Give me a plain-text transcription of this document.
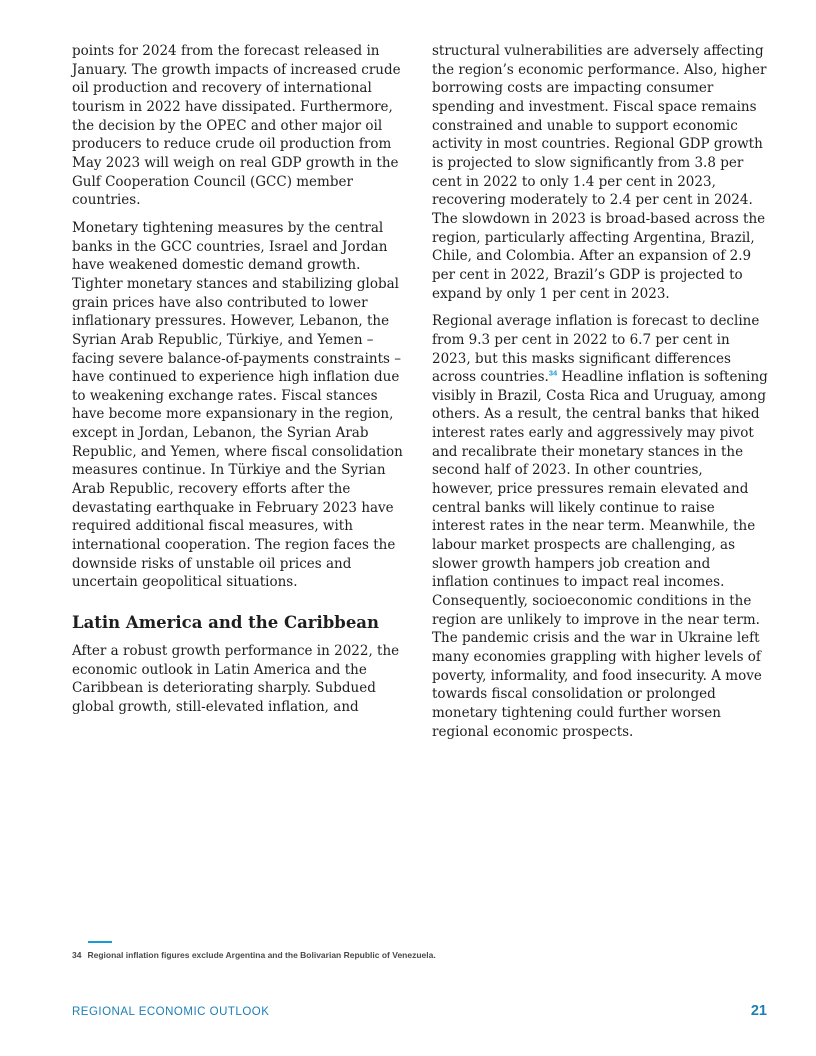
points for 2024 from the forecast released in January. The growth impacts of increased crude oil production and recovery of international tourism in 2022 have dissipated. Furthermore, the decision by the OPEC and other major oil producers to reduce crude oil production from May 2023 will weigh on real GDP growth in the Gulf Cooperation Council (GCC) member countries.

Monetary tightening measures by the central banks in the GCC countries, Israel and Jordan have weakened domestic demand growth. Tighter monetary stances and stabilizing global grain prices have also contributed to lower inflationary pressures. However, Lebanon, the Syrian Arab Republic, Türkiye, and Yemen – facing severe balance-of-payments constraints – have continued to experience high inflation due to weakening exchange rates. Fiscal stances have become more expansionary in the region, except in Jordan, Lebanon, the Syrian Arab Republic, and Yemen, where fiscal consolidation measures continue. In Türkiye and the Syrian Arab Republic, recovery efforts after the devastating earthquake in February 2023 have required additional fiscal measures, with international cooperation. The region faces the downside risks of unstable oil prices and uncertain geopolitical situations.

Latin America and the Caribbean

After a robust growth performance in 2022, the economic outlook in Latin America and the Caribbean is deteriorating sharply. Subdued global growth, still-elevated inflation, and

structural vulnerabilities are adversely affecting the region’s economic performance. Also, higher borrowing costs are impacting consumer spending and investment. Fiscal space remains constrained and unable to support economic activity in most countries. Regional GDP growth is projected to slow significantly from 3.8 per cent in 2022 to only 1.4 per cent in 2023, recovering moderately to 2.4 per cent in 2024. The slowdown in 2023 is broad-based across the region, particularly affecting Argentina, Brazil, Chile, and Colombia. After an expansion of 2.9 per cent in 2022, Brazil’s GDP is projected to expand by only 1 per cent in 2023.

Regional average inflation is forecast to decline from 9.3 per cent in 2022 to 6.7 per cent in 2023, but this masks significant differences across countries.$^{34}$ Headline inflation is softening visibly in Brazil, Costa Rica and Uruguay, among others. As a result, the central banks that hiked interest rates early and aggressively may pivot and recalibrate their monetary stances in the second half of 2023. In other countries, however, price pressures remain elevated and central banks will likely continue to raise interest rates in the near term. Meanwhile, the labour market prospects are challenging, as slower growth hampers job creation and inflation continues to impact real incomes. Consequently, socioeconomic conditions in the region are unlikely to improve in the near term. The pandemic crisis and the war in Ukraine left many economies grappling with higher levels of poverty, informality, and food insecurity. A move towards fiscal consolidation or prolonged monetary tightening could further worsen regional economic prospects.

34 Regional inflation figures exclude Argentina and the Bolivarian Republic of Venezuela.
REGIONAL ECONOMIC OUTLOOK	21
